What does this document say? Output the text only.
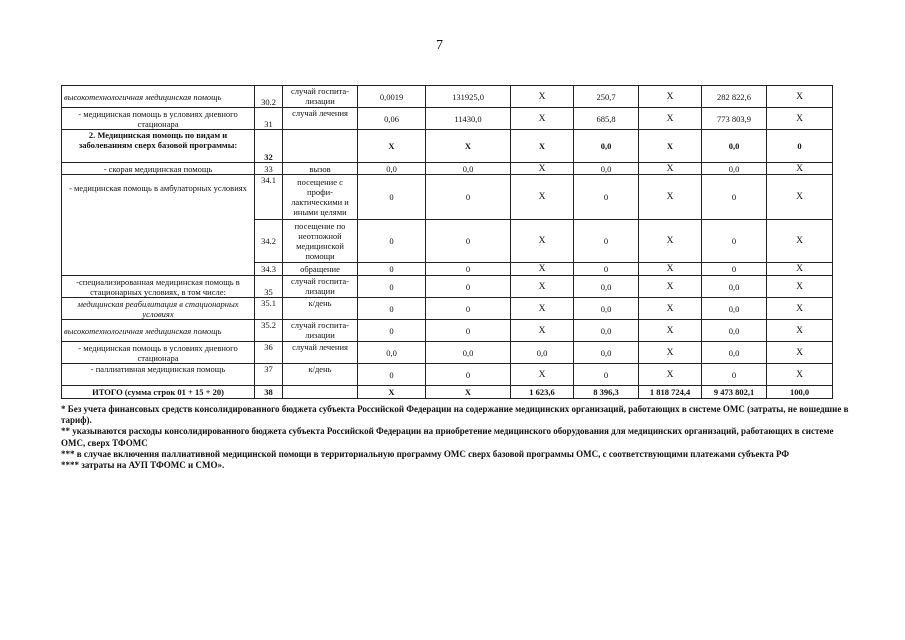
7
высокотехнологичная медицинская помощь	30.2	случай госпита-лизации	0,0019	131925,0	Х	250,7	Х	282 822,6	Х
- медицинская помощь в условиях дневного стационара	31	случай лечения	0,06	11430,0	Х	685,8	Х	773 803,9	Х
2. Медицинская помощь по видам и заболеваниям сверх базовой программы:	32		Х	Х	Х	0,0	Х	0,0	0
- скорая медицинская помощь	33	вызов	0,0	0,0	Х	0,0	Х	0,0	Х
- медицинская помощь в амбулаторных условиях	34.1	посещение с профи-лактическими и иными целями	0	0	Х	0	Х	0	Х
	34.2	посещение по неотложной медицинской помощи	0	0	Х	0	Х	0	Х
	34.3	обращение	0	0	Х	0	Х	0	Х
-специализированная медицинская помощь в стационарных условиях, в том числе:	35	случай госпита-лизации	0	0	Х	0,0	Х	0,0	Х
медицинская реабилитация в стационарных условиях	35.1	к/день	0	0	Х	0,0	Х	0,0	Х
высокотехнологичная медицинская помощь	35.2	случай госпита-лизации	0	0	Х	0,0	Х	0,0	Х
- медицинская помощь в условиях дневного стационара	36	случай лечения	0,0	0,0	0,0	0,0	Х	0,0	Х
- паллиативная медицинская помощь	37	к/день	0	0	Х	0	Х	0	Х
ИТОГО (сумма строк 01 + 15 + 20)	38		Х	Х	1 623,6	8 396,3	1 818 724,4	9 473 802,1	100,0

* Без учета финансовых средств консолидированного бюджета субъекта Российской Федерации на содержание медицинских организаций, работающих в системе ОМС (затраты, не вошедшие в тариф).

** указываются расходы консолидированного бюджета субъекта Российской Федерации на приобретение медицинского оборудования для медицинских организаций, работающих в системе ОМС, сверх ТФОМС

*** в случае включения паллиативной медицинской помощи в территориальную программу ОМС сверх базовой программы ОМС, с соответствующими платежами субъекта РФ

**** затраты на АУП ТФОМС и СМО».
